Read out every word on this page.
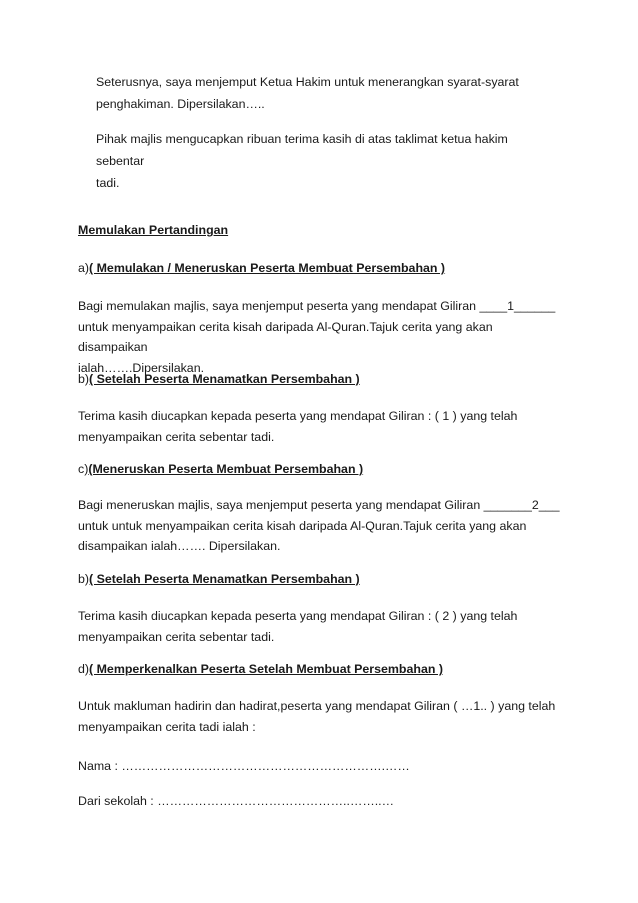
Seterusnya, saya menjemput Ketua Hakim untuk menerangkan syarat-syarat

penghakiman. Dipersilakan…..

Pihak majlis mengucapkan ribuan terima kasih di atas taklimat ketua hakim sebentar

tadi.

Memulakan Pertandingan
a)( Memulakan / Meneruskan Peserta Membuat Persembahan )

Bagi memulakan majlis, saya menjemput peserta yang mendapat Giliran ____1______

untuk menyampaikan cerita kisah daripada Al-Quran.Tajuk cerita yang akan disampaikan

ialah…….Dipersilakan.

b)( Setelah Peserta Menamatkan Persembahan )

Terima kasih diucapkan kepada peserta yang mendapat Giliran : ( 1 ) yang telah

menyampaikan cerita sebentar tadi.

c)(Meneruskan Peserta Membuat Persembahan )

Bagi meneruskan majlis, saya menjemput peserta yang mendapat Giliran _______2___

untuk untuk menyampaikan cerita kisah daripada Al-Quran.Tajuk cerita yang akan

disampaikan ialah……. Dipersilakan.

b)( Setelah Peserta Menamatkan Persembahan )

Terima kasih diucapkan kepada peserta yang mendapat Giliran : ( 2 ) yang telah

menyampaikan cerita sebentar tadi.

d)( Memperkenalkan Peserta Setelah Membuat Persembahan )

Untuk makluman hadirin dan hadirat,peserta yang mendapat Giliran ( …1.. ) yang telah

menyampaikan cerita tadi ialah :

Nama : ……………………………………………………….……
Dari sekolah : ………………………………………..……..…
